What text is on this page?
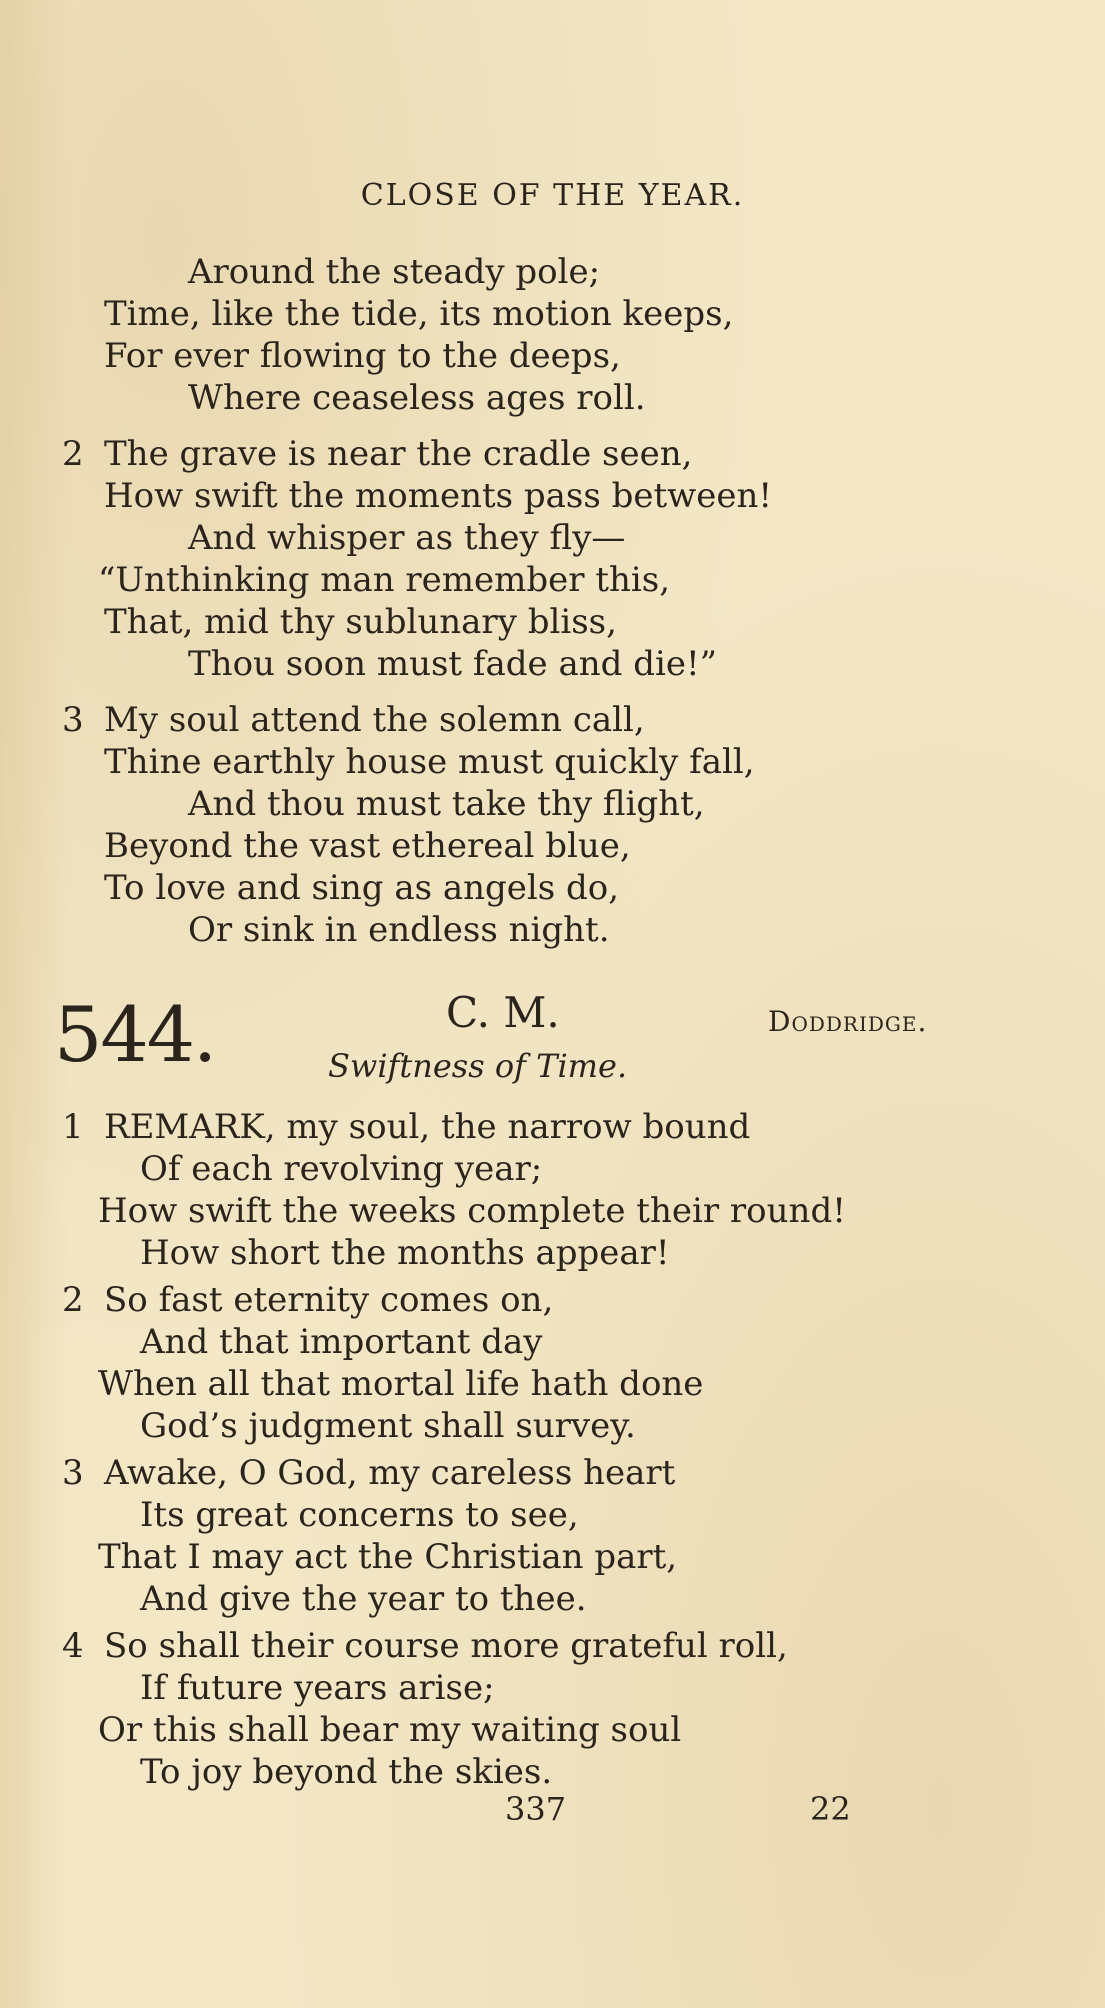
CLOSE OF THE YEAR.
Around the steady pole;
Time, like the tide, its motion keeps,
For ever flowing to the deeps,
Where ceaseless ages roll.
2 The grave is near the cradle seen,
How swift the moments pass between!
And whisper as they fly—
“Unthinking man remember this,
That, mid thy sublunary bliss,
Thou soon must fade and die!”
3 My soul attend the solemn call,
Thine earthly house must quickly fall,
And thou must take thy flight,
Beyond the vast ethereal blue,
To love and sing as angels do,
Or sink in endless night.
544.	C. M.	Doddridge.
Swiftness of Time.
1 REMARK, my soul, the narrow bound
Of each revolving year;
How swift the weeks complete their round!
How short the months appear!
2 So fast eternity comes on,
And that important day
When all that mortal life hath done
God’s judgment shall survey.
3 Awake, O God, my careless heart
Its great concerns to see,
That I may act the Christian part,
And give the year to thee.
4 So shall their course more grateful roll,
If future years arise;
Or this shall bear my waiting soul
To joy beyond the skies.
337	22
